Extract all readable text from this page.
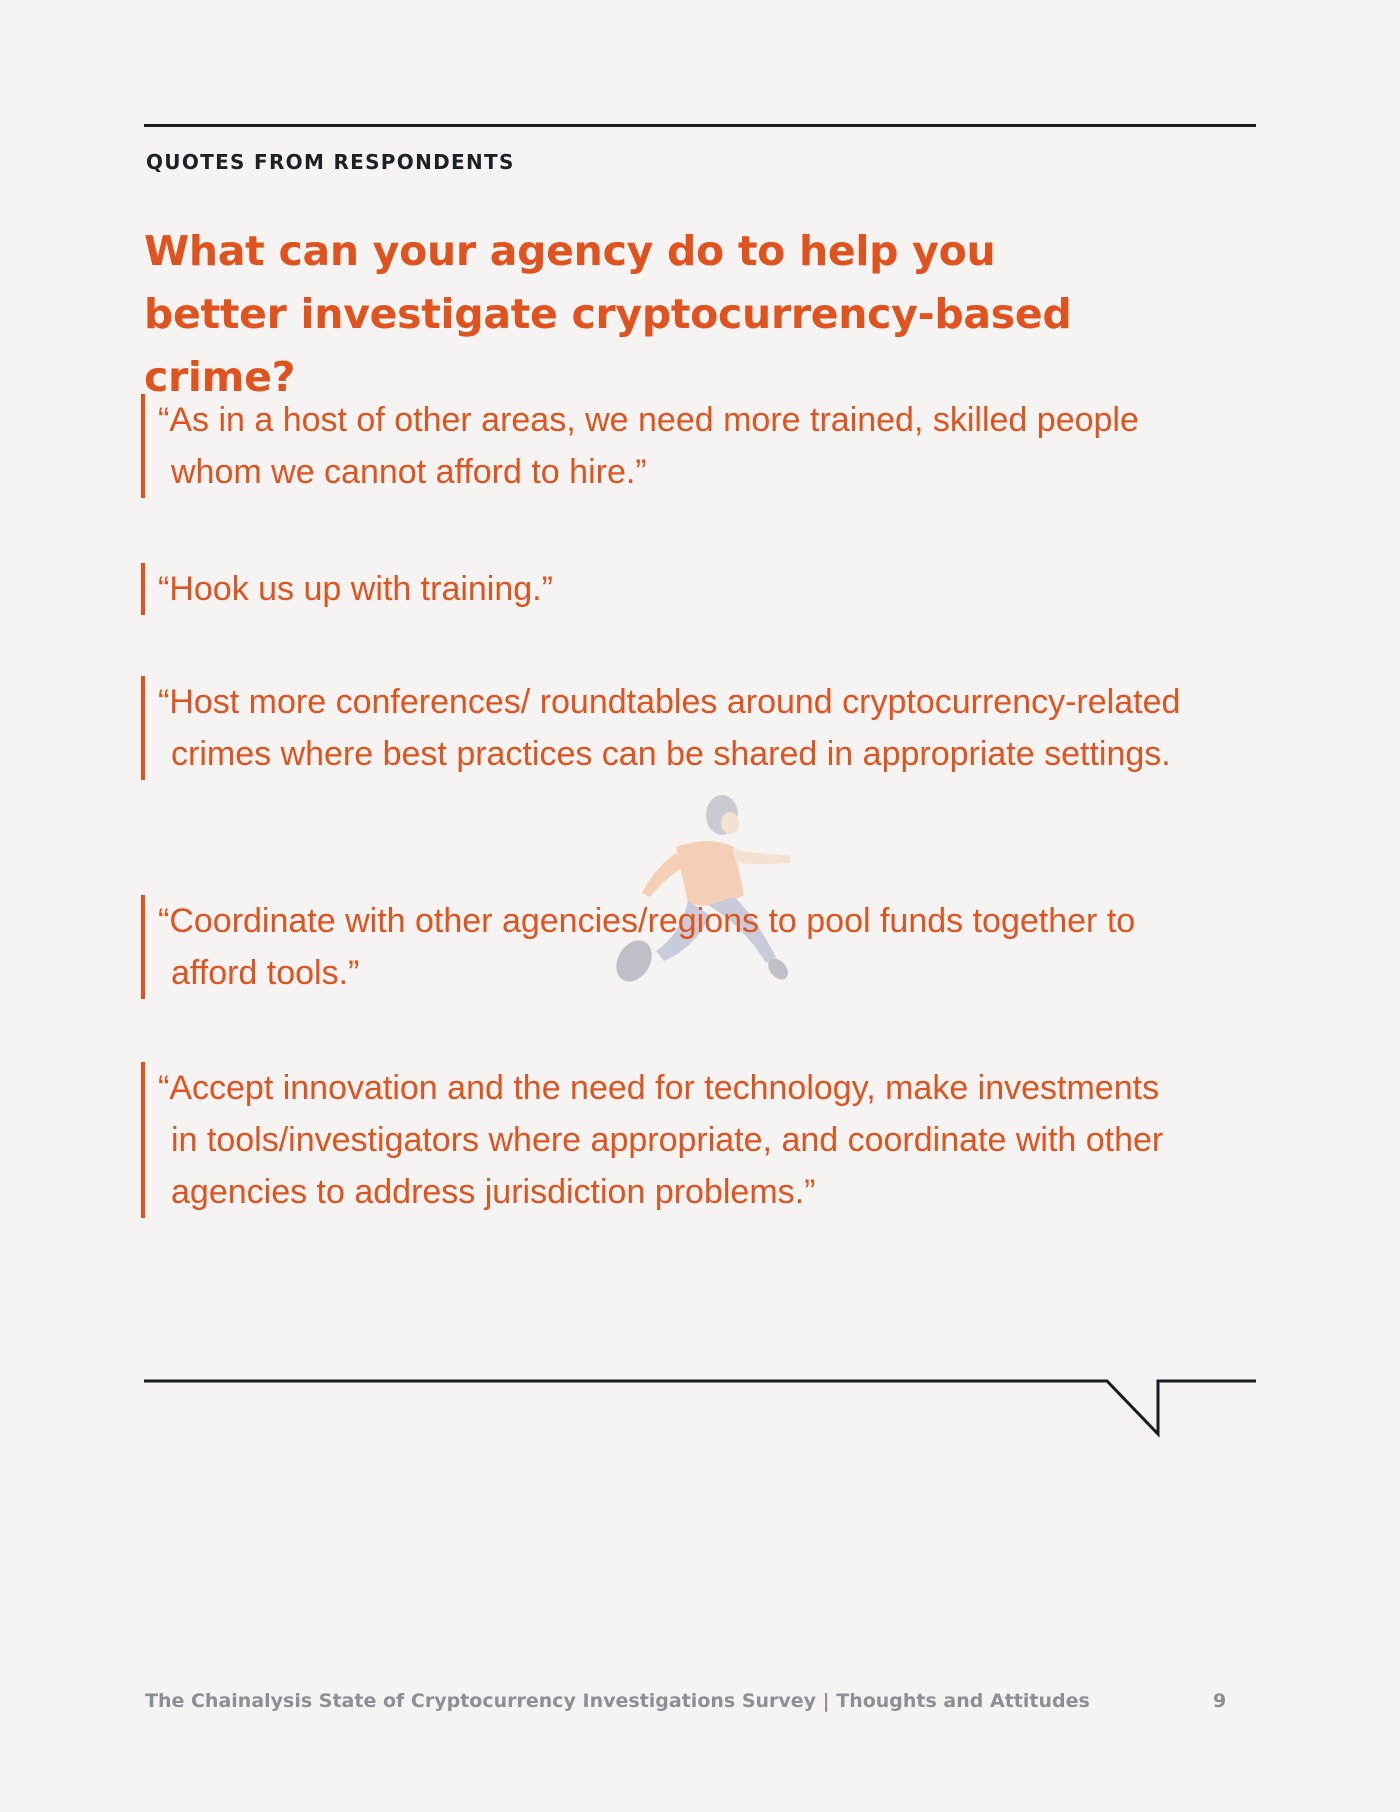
QUOTES FROM RESPONDENTS
What can your agency do to help you better investigate cryptocurrency-based crime?
“As in a host of other areas, we need more trained, skilled people whom we cannot afford to hire.”
“Hook us up with training.”
“Host more conferences/ roundtables around cryptocurrency-related crimes where best practices can be shared in appropriate settings.
“Coordinate with other agencies/regions to pool funds together to afford tools.”
“Accept innovation and the need for technology, make investments in tools/investigators where appropriate, and coordinate with other agencies to address jurisdiction problems.”
The Chainalysis State of Cryptocurrency Investigations Survey | Thoughts and Attitudes	9
